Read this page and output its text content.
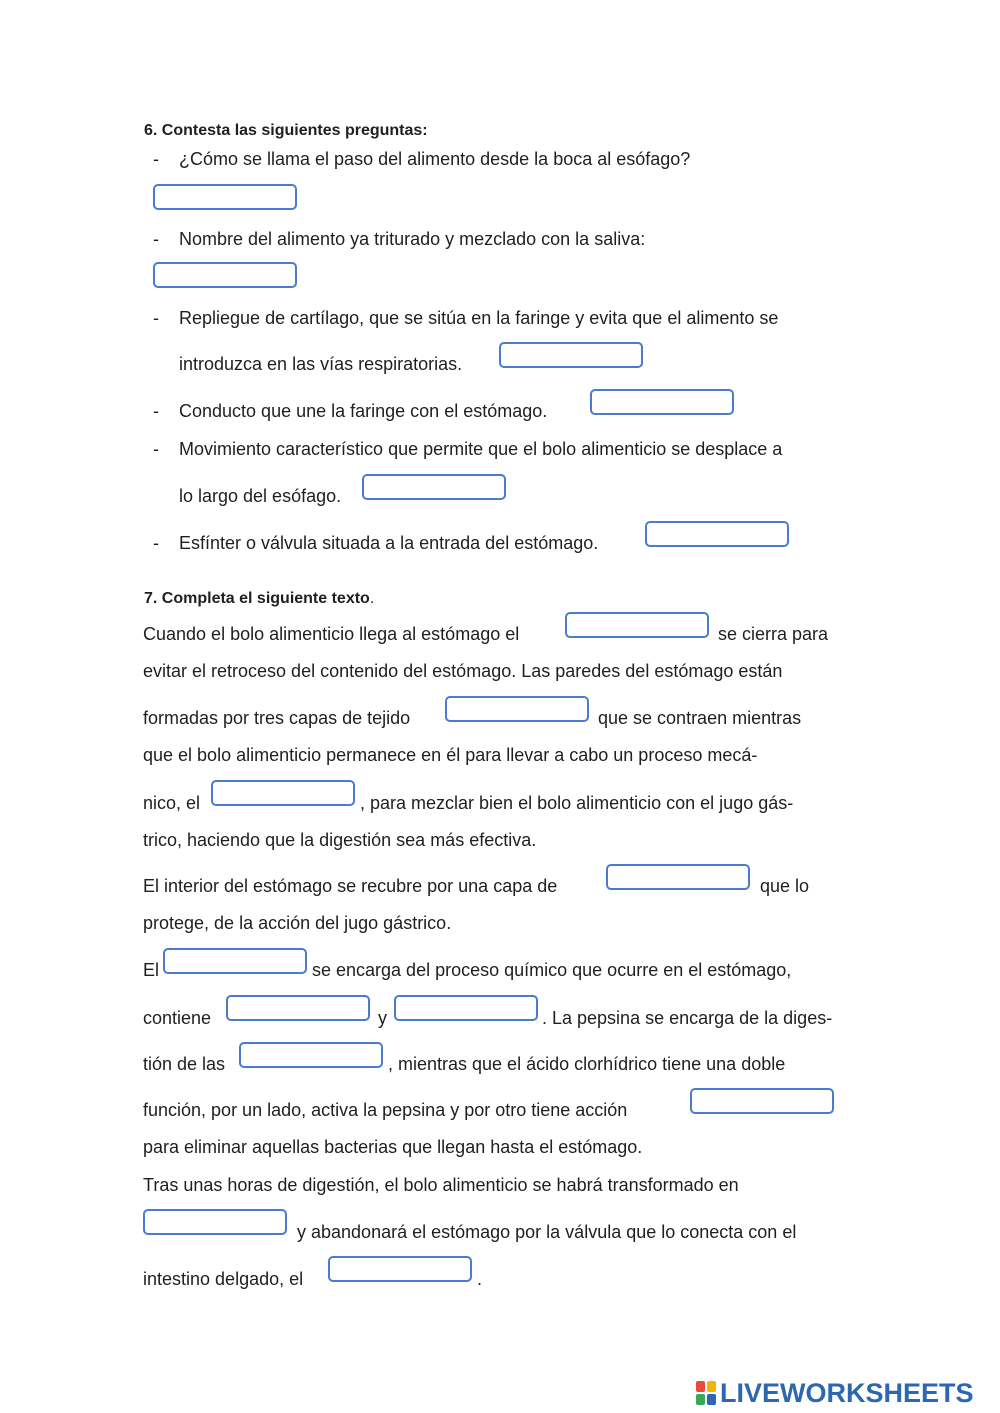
6. Contesta las siguientes preguntas:
- ¿Cómo se llama el paso del alimento desde la boca al esófago?
- Nombre del alimento ya triturado y mezclado con la saliva:
- Repliegue de cartílago, que se sitúa en la faringe y evita que el alimento se
introduzca en las vías respiratorias.
- Conducto que une la faringe con el estómago.
- Movimiento característico que permite que el bolo alimenticio se desplace a
lo largo del esófago.
- Esfínter o válvula situada a la entrada del estómago.
7. Completa el siguiente texto.
Cuando el bolo alimenticio llega al estómago el	se cierra para
evitar el retroceso del contenido del estómago. Las paredes del estómago están
formadas por tres capas de tejido	que se contraen mientras
que el bolo alimenticio permanece en él para llevar a cabo un proceso mecá-
nico, el	, para mezclar bien el bolo alimenticio con el jugo gás-
trico, haciendo que la digestión sea más efectiva.
El interior del estómago se recubre por una capa de	que lo
protege, de la acción del jugo gástrico.
El	se encarga del proceso químico que ocurre en el estómago,
contiene	y	. La pepsina se encarga de la diges-
tión de las	, mientras que el ácido clorhídrico tiene una doble
función, por un lado, activa la pepsina y por otro tiene acción
para eliminar aquellas bacterias que llegan hasta el estómago.
Tras unas horas de digestión, el bolo alimenticio se habrá transformado en
y abandonará el estómago por la válvula que lo conecta con el
intestino delgado, el	.
LIVEWORKSHEETS
